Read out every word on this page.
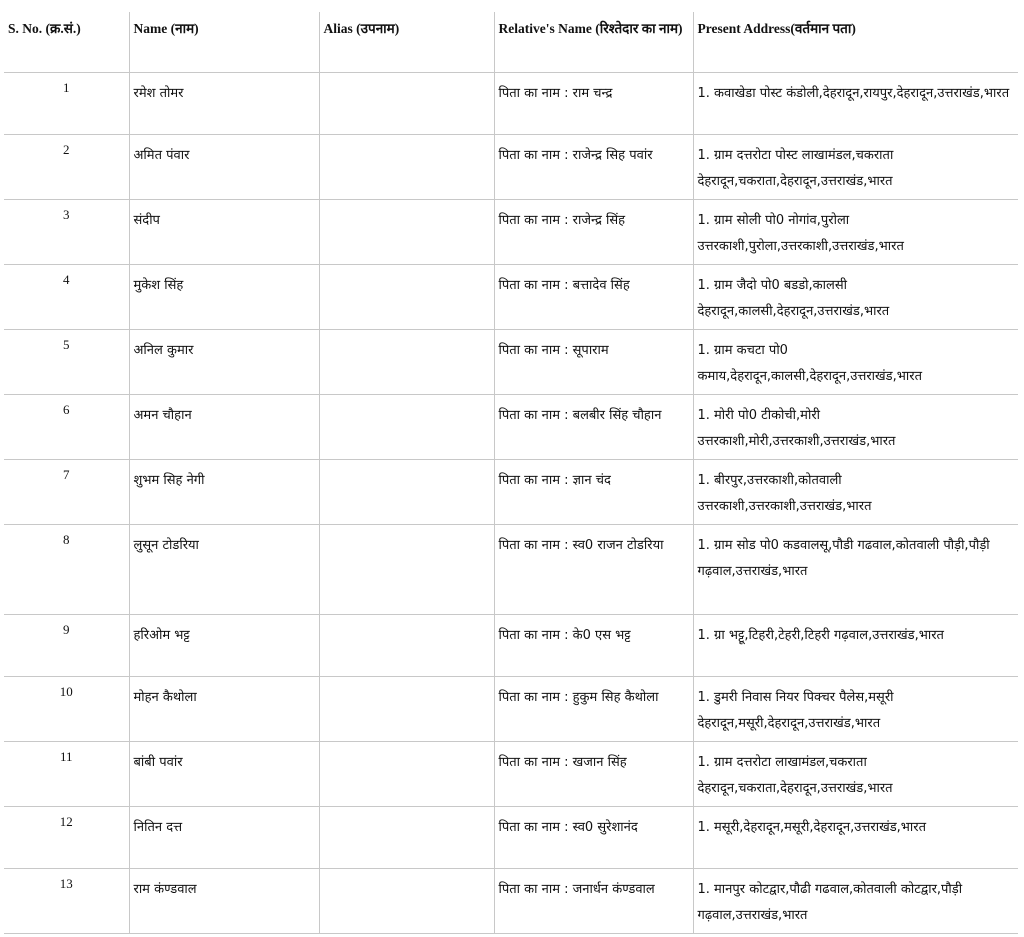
S. No. (क्र.सं.)	Name (नाम)	Alias (उपनाम)	Relative's Name (रिश्तेदार का नाम)	Present Address(वर्तमान पता)
1	रमेश तोमर		पिता का नाम : राम चन्द्र	1. कवाखेडा पोस्ट कंडोली,देहरादून,रायपुर,देहरादून,उत्तराखंड,भारत
2	अमित पंवार		पिता का नाम : राजेन्द्र सिह पवांर	1. ग्राम दत्तरोटा पोस्ट लाखामंडल,चकराता देहरादून,चकराता,देहरादून,उत्तराखंड,भारत
3	संदीप		पिता का नाम : राजेन्द्र सिंह	1. ग्राम सोली पो0 नोगांव,पुरोला उत्तरकाशी,पुरोला,उत्तरकाशी,उत्तराखंड,भारत
4	मुकेश सिंह		पिता का नाम : बत्तादेव सिंह	1. ग्राम जैदो पो0 बडडो,कालसी देहरादून,कालसी,देहरादून,उत्तराखंड,भारत
5	अनिल कुमार		पिता का नाम : सूपाराम	1. ग्राम कचटा पो0 कमाय,देहरादून,कालसी,देहरादून,उत्तराखंड,भारत
6	अमन चौहान		पिता का नाम : बलबीर सिंह चौहान	1. मोरी पो0 टीकोची,मोरी उत्तरकाशी,मोरी,उत्तरकाशी,उत्तराखंड,भारत
7	शुभम सिह नेगी		पिता का नाम : ज्ञान चंद	1. बीरपुर,उत्तरकाशी,कोतवाली उत्तरकाशी,उत्तरकाशी,उत्तराखंड,भारत
8	लुसून टोडरिया		पिता का नाम : स्व0 राजन टोडरिया	1. ग्राम सोड पो0 कडवालसू,पौडी गढवाल,कोतवाली पौड़ी,पौड़ी गढ़वाल,उत्तराखंड,भारत
9	हरिओम भट्ट		पिता का नाम : के0 एस भट्ट	1. ग्रा भट्टू,टिहरी,टेहरी,टिहरी गढ़वाल,उत्तराखंड,भारत
10	मोहन कैथोला		पिता का नाम : हुकुम सिह कैथोला	1. डुमरी निवास नियर पिक्चर पैलेस,मसूरी देहरादून,मसूरी,देहरादून,उत्तराखंड,भारत
11	बांबी पवांर		पिता का नाम : खजान सिंह	1. ग्राम दत्तरोटा लाखामंडल,चकराता देहरादून,चकराता,देहरादून,उत्तराखंड,भारत
12	नितिन दत्त		पिता का नाम : स्व0 सुरेशानंद	1. मसूरी,देहरादून,मसूरी,देहरादून,उत्तराखंड,भारत
13	राम कंण्डवाल		पिता का नाम : जनार्धन कंण्डवाल	1. मानपुर कोटद्वार,पौढी गढवाल,कोतवाली कोटद्वार,पौड़ी गढ़वाल,उत्तराखंड,भारत
